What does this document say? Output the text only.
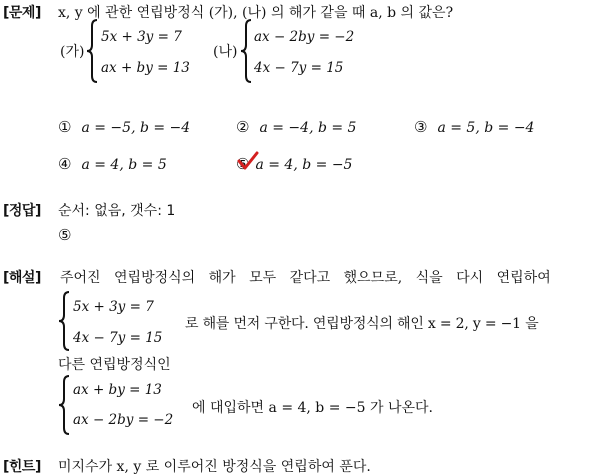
[문제] x, y 에 관한 연립방정식 (가), (나) 의 해가 같을 때 a, b 의 값은?
(가)
5x + 3y = 7
ax + by = 13
(나)
ax − 2by = −2
4x − 7y = 15
① a = −5, b = −4	② a = −4, b = 5	③ a = 5, b = −4
④ a = 4, b = 5	⑤ a = 4, b = −5
[정답] 순서: 없음, 갯수: 1
⑤
[해설] 주어진 연립방정식의 해가 모두 같다고 했으므로, 식을 다시 연립하여
5x + 3y = 7
4x − 7y = 15
로 해를 먼저 구한다. 연립방정식의 해인 x = 2, y = −1 을
다른 연립방정식인
ax + by = 13
ax − 2by = −2
에 대입하면 a = 4, b = −5 가 나온다.
[힌트] 미지수가 x, y 로 이루어진 방정식을 연립하여 푼다.
